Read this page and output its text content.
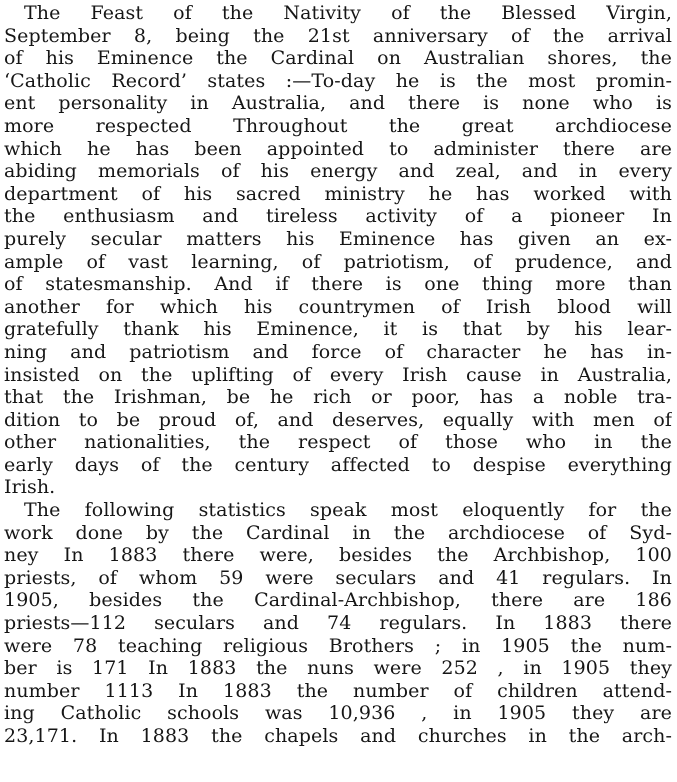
The Feast of the Nativity of the Blessed Virgin,
September 8, being the 21st anniversary of the arrival
of his Eminence the Cardinal on Australian shores, the
‘Catholic Record’ states :—To-day he is the most promin-
ent personality in Australia, and there is none who is
more respected Throughout the great archdiocese
which he has been appointed to administer there are
abiding memorials of his energy and zeal, and in every
department of his sacred ministry he has worked with
the enthusiasm and tireless activity of a pioneer In
purely secular matters his Eminence has given an ex-
ample of vast learning, of patriotism, of prudence, and
of statesmanship. And if there is one thing more than
another for which his countrymen of Irish blood will
gratefully thank his Eminence, it is that by his lear-
ning and patriotism and force of character he has in-
insisted on the uplifting of every Irish cause in Australia,
that the Irishman, be he rich or poor, has a noble tra-
dition to be proud of, and deserves, equally with men of
other nationalities, the respect of those who in the
early days of the century affected to despise everything
Irish.
The following statistics speak most eloquently for the
work done by the Cardinal in the archdiocese of Syd-
ney In 1883 there were, besides the Archbishop, 100
priests, of whom 59 were seculars and 41 regulars. In
1905, besides the Cardinal-Archbishop, there are 186
priests—112 seculars and 74 regulars. In 1883 there
were 78 teaching religious Brothers ; in 1905 the num-
ber is 171 In 1883 the nuns were 252 , in 1905 they
number 1113 In 1883 the number of children attend-
ing Catholic schools was 10,936 , in 1905 they are
23,171. In 1883 the chapels and churches in the arch-
